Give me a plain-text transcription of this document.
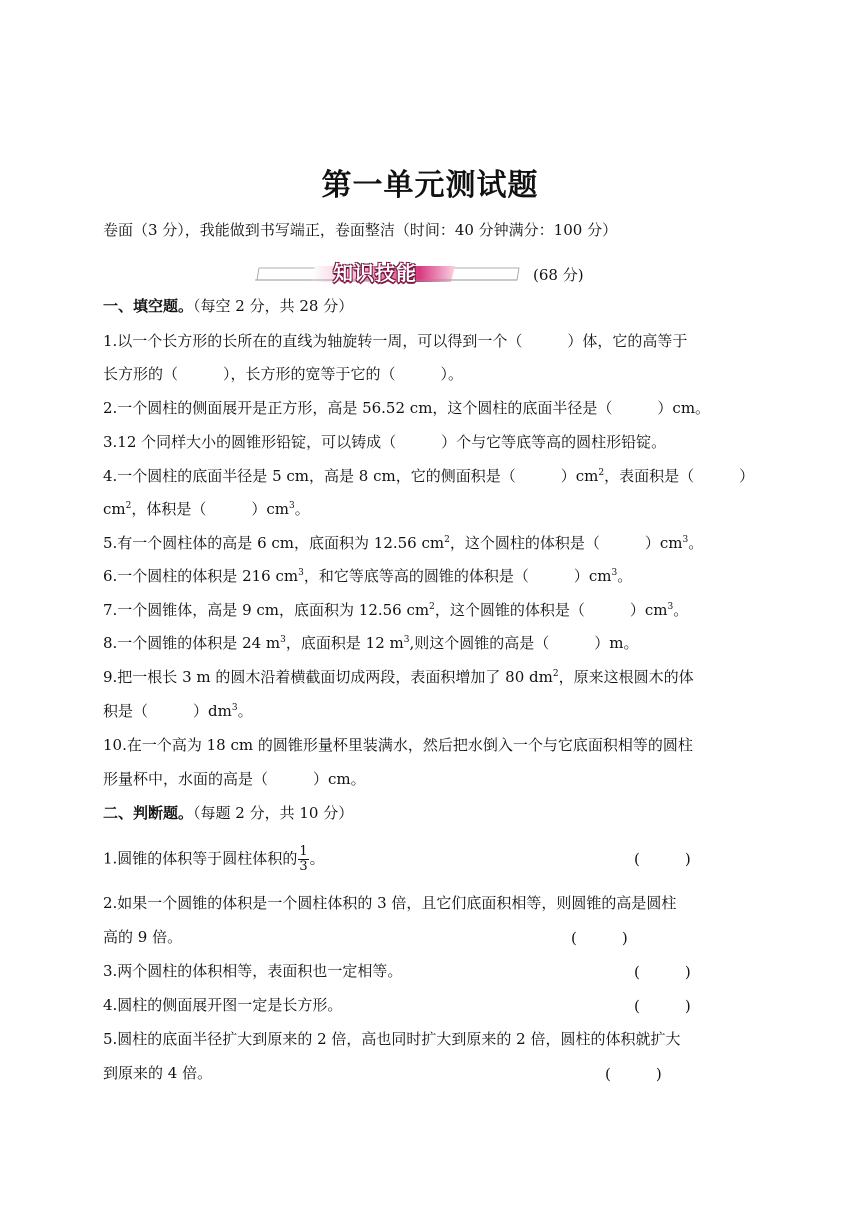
第一单元测试题
卷面（3 分），我能做到书写端正，卷面整洁（时间：40 分钟满分：100 分）
知识技能	(68 分)
一、填空题。（每空 2 分，共 28 分）
1.以一个长方形的长所在的直线为轴旋转一周，可以得到一个（　　　）体，它的高等于
长方形的（　　　），长方形的宽等于它的（　　　）。
2.一个圆柱的侧面展开是正方形，高是 56.52 cm，这个圆柱的底面半径是（　　　）cm。
3.12 个同样大小的圆锥形铅锭，可以铸成（　　　）个与它等底等高的圆柱形铅锭。
4.一个圆柱的底面半径是 5 cm，高是 8 cm，它的侧面积是（　　　）$cm^2$，表面积是（　　　）
$cm^2$，体积是（　　　）$cm^3$。
5.有一个圆柱体的高是 6 cm，底面积为 12.56 $cm^2$，这个圆柱的体积是（　　　）$cm^3$。
6.一个圆柱的体积是 216 $cm^3$，和它等底等高的圆锥的体积是（　　　）$cm^3$。
7.一个圆锥体，高是 9 cm，底面积为 12.56 $cm^2$，这个圆锥的体积是（　　　）$cm^3$。
8.一个圆锥的体积是 24 $m^3$，底面积是 12 $m^3$,则这个圆锥的高是（　　　）m。
9.把一根长 3 m 的圆木沿着横截面切成两段，表面积增加了 80 $dm^2$，原来这根圆木的体
积是（　　　）$dm^3$。
10.在一个高为 18 cm 的圆锥形量杯里装满水，然后把水倒入一个与它底面积相等的圆柱
形量杯中，水面的高是（　　　）cm。
二、判断题。（每题 2 分，共 10 分）
1.圆锥的体积等于圆柱体积的 $\frac{1}{3}$ 。	(　　　)
2.如果一个圆锥的体积是一个圆柱体积的 3 倍，且它们底面积相等，则圆锥的高是圆柱
高的 9 倍。	(　　　)
3.两个圆柱的体积相等，表面积也一定相等。	(　　　)
4.圆柱的侧面展开图一定是长方形。	(　　　)
5.圆柱的底面半径扩大到原来的 2 倍，高也同时扩大到原来的 2 倍，圆柱的体积就扩大
到原来的 4 倍。	(　　　)
